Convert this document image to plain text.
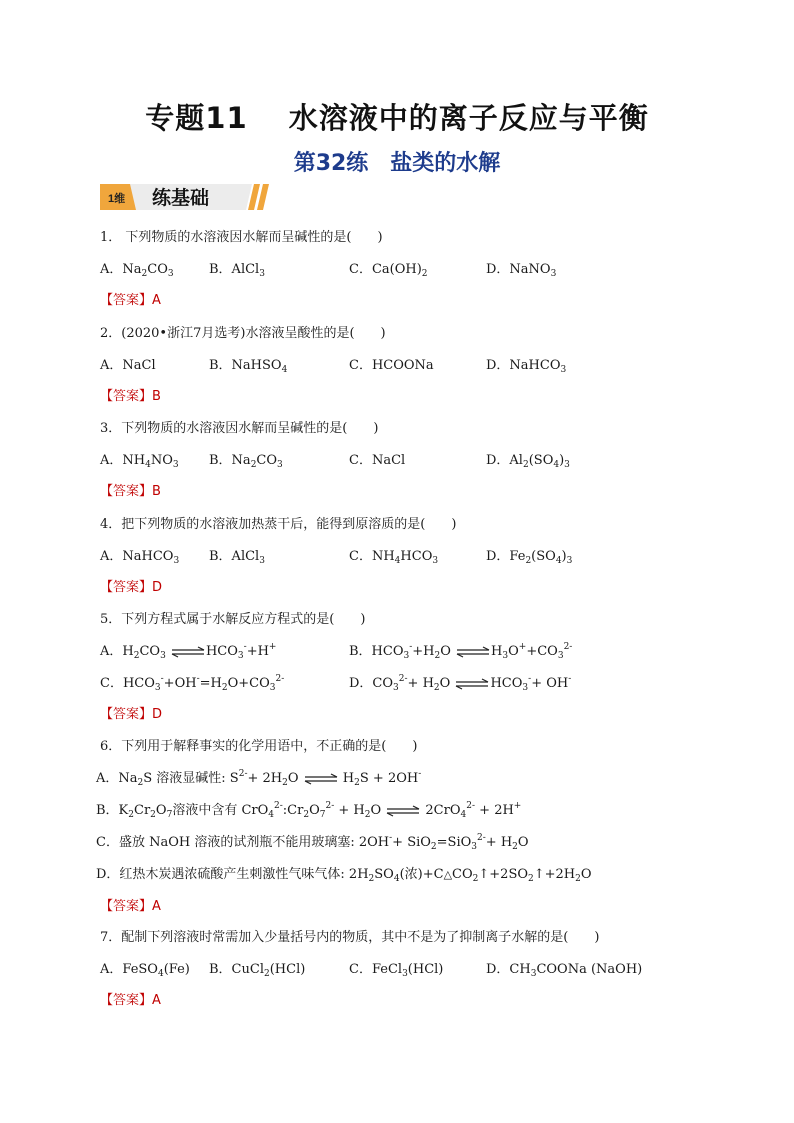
专题11　 水溶液中的离子反应与平衡
第32练　盐类的水解
1维 练基础
1． 下列物质的水溶液因水解而呈碱性的是(　　)
A．$Na_2CO_3$	B．AlCl$_3$	C．$Ca(OH)_2$	D．NaNO$_3$
【答案】A
2．(2020•浙江7月选考)水溶液呈酸性的是(　　)
A．NaCl	B．NaHSO$_4$	C．HCOONa	D．NaHCO$_3$
【答案】B
3．下列物质的水溶液因水解而呈碱性的是(　　)
A．$NH_4NO_3$ B．$Na_2CO_3$	C．NaCl	D．$Al_2(SO_4)_3$
【答案】B
4．把下列物质的水溶液加热蒸干后，能得到原溶质的是(　　)
A．NaHCO$_3$ B．AlCl$_3$	C．$NH_4HCO_3$	D．$Fe_2(SO_4)_3$
【答案】D
5．下列方程式属于水解反应方程式的是(　　)
A．$H_2CO_3$	$HCO_3^-+H^+$	B．$HCO_3^-+H_2O$	$H_3O^++CO_3^{2-}$
C．$HCO_3^-+OH^-=H_2O+CO_3^{2-}$	D．$CO_3^{2-}+ H_2O$	$HCO_3^-+ OH^-$
【答案】D
6．下列用于解释事实的化学用语中，不正确的是(　　)
A．$Na_2S$ 溶液显碱性: $S^{2-}+ 2H_2O$	$H_2S + 2OH^-$
B．$K_2Cr_2O_7$溶液中含有 $CrO_4^{2-}:Cr_2O_7^{2-} + H_2O$	2CrO$_4^{2-}$ + 2H+
C．盛放 NaOH 溶液的试剂瓶不能用玻璃塞: $2OH^-+ SiO_2=SiO_3^{2-}+ H_2O$
D．红热木炭遇浓硫酸产生刺激性气味气体: $2H_2SO_4$(浓)$+C\triangle CO_2↑+2SO_2↑+2H_2O$
【答案】A
7．配制下列溶液时常需加入少量括号内的物质，其中不是为了抑制离子水解的是(　　)
A．FeSO$_4$(Fe) B．CuCl$_2$(HCl)	C．FeCl$_3$(HCl)	D．$CH_3COONa$ (NaOH)
【答案】A
